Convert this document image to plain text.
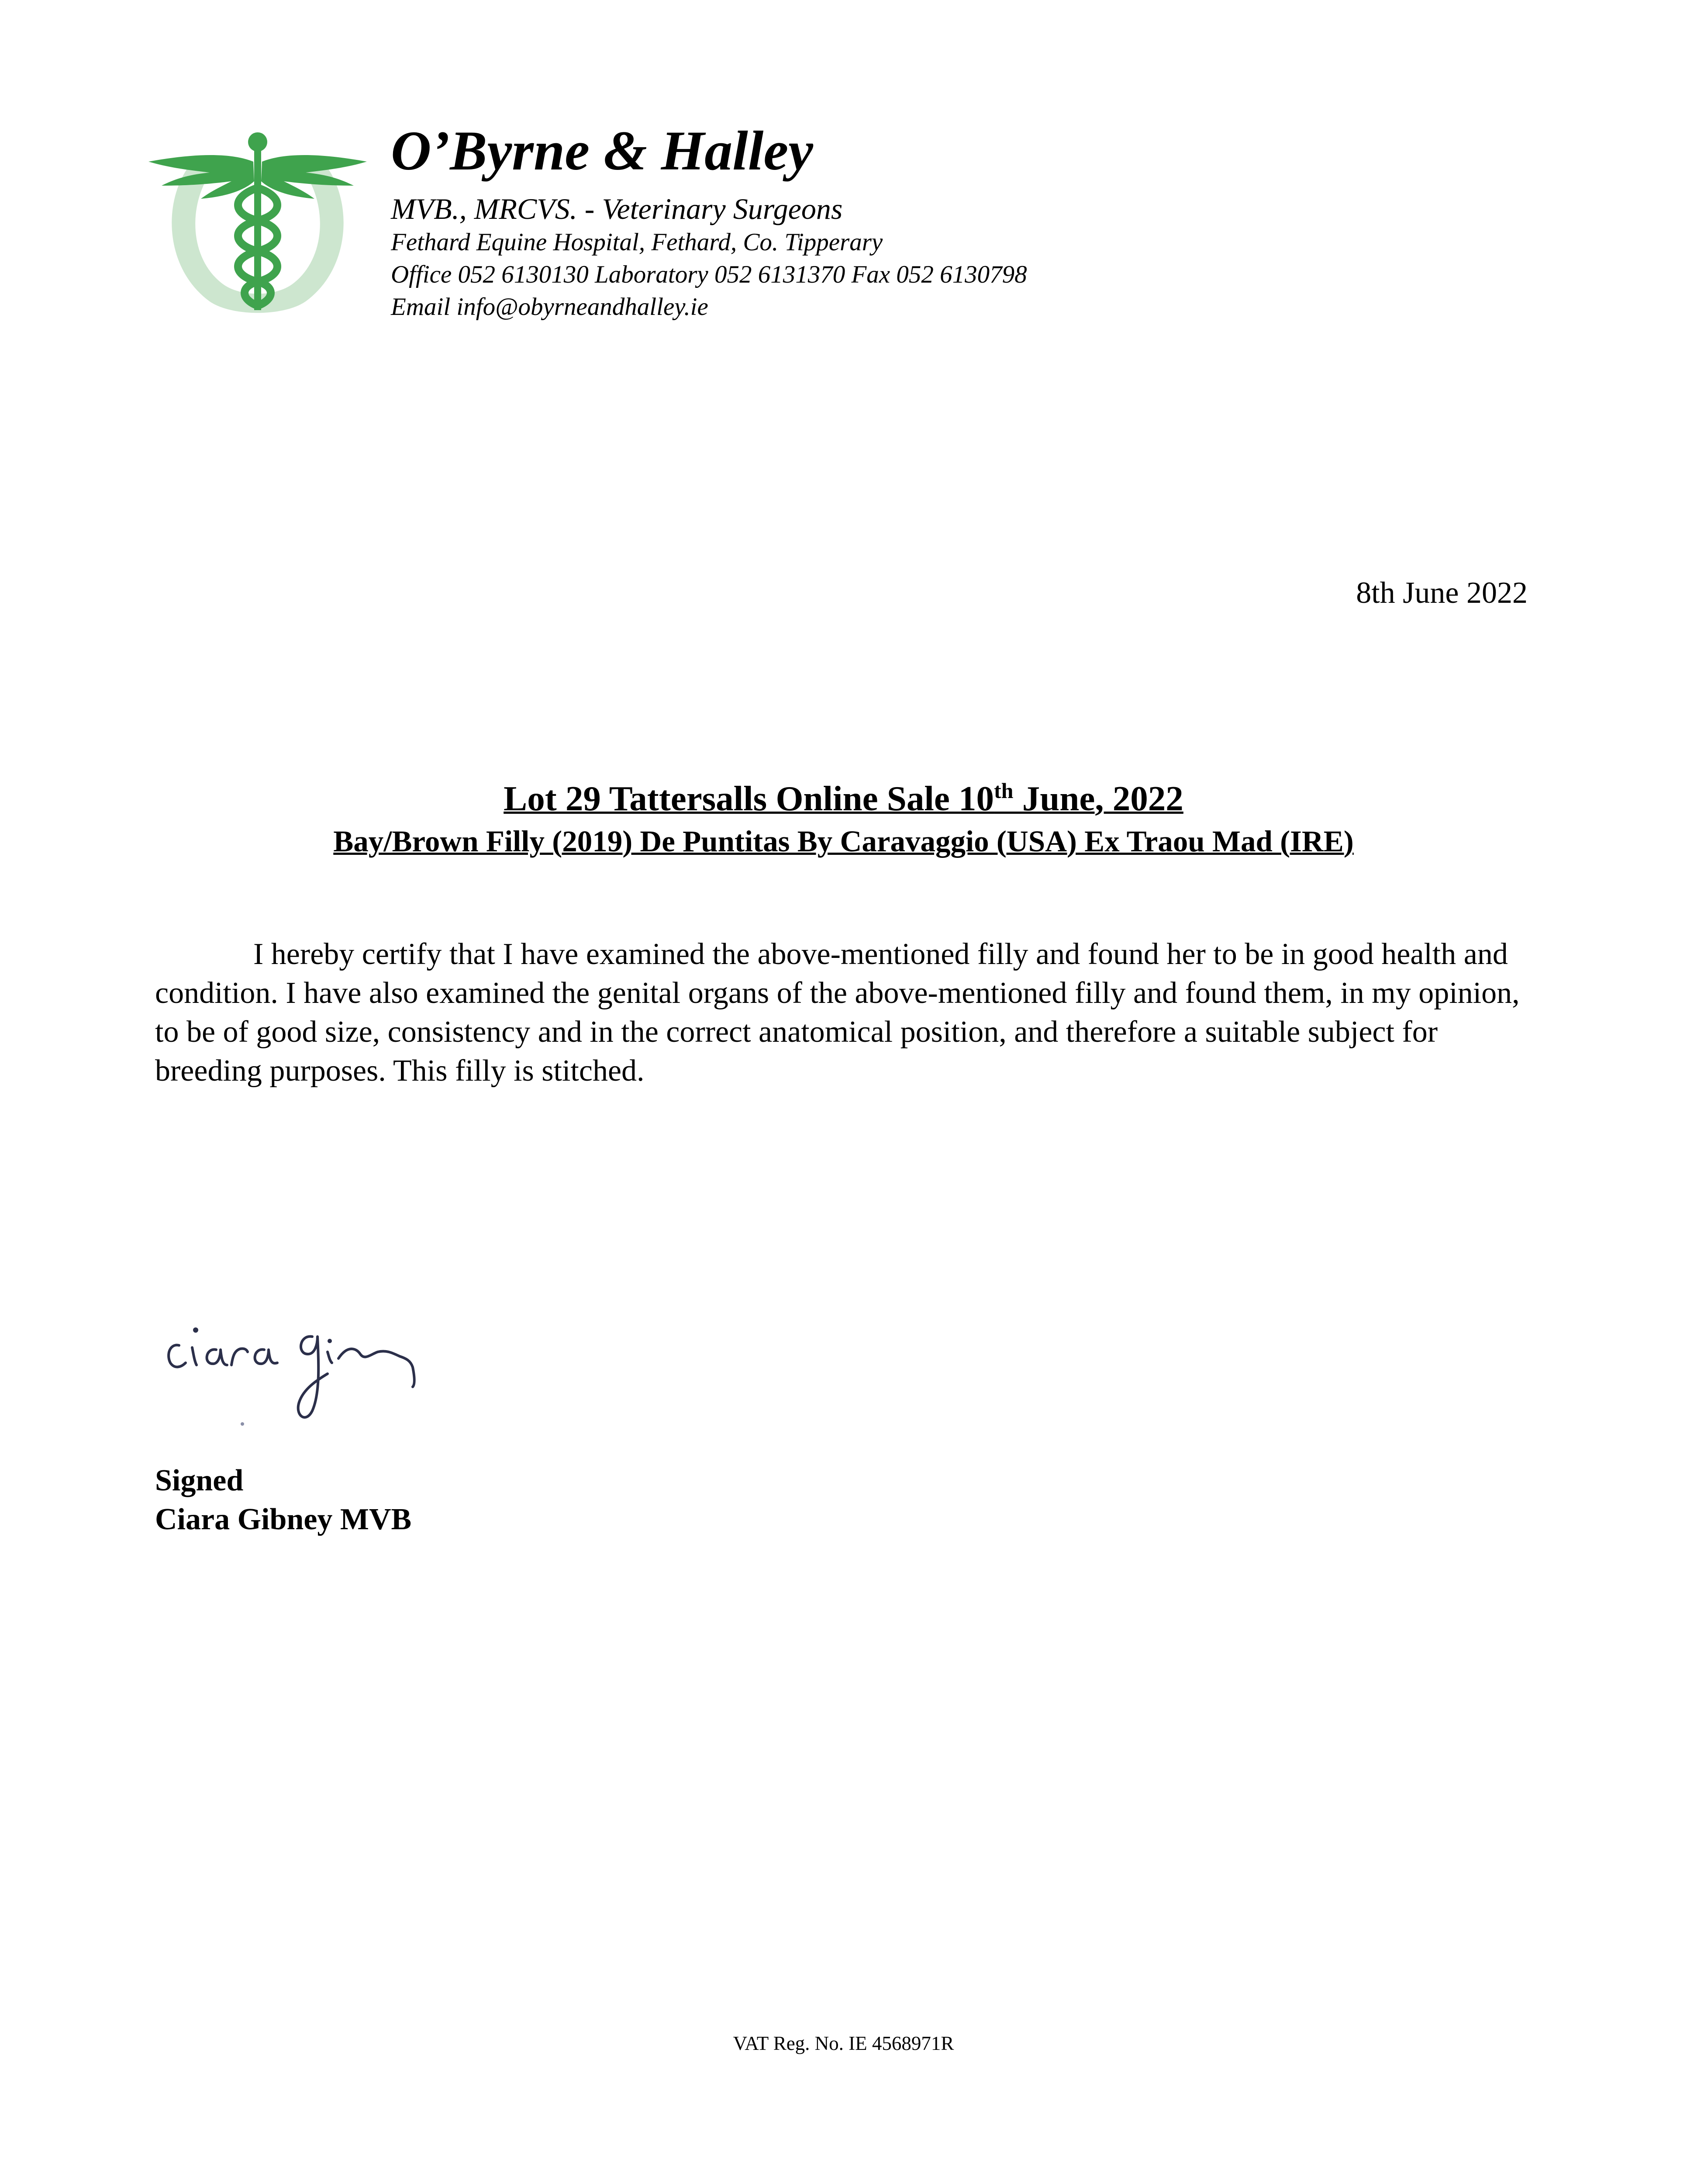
O’Byrne & Halley
MVB., MRCVS. - Veterinary Surgeons
Fethard Equine Hospital, Fethard, Co. Tipperary
Office 052 6130130 Laboratory 052 6131370 Fax 052 6130798
Email info@obyrneandhalley.ie
8th June 2022
Lot 29 Tattersalls Online Sale 10th June, 2022
Bay/Brown Filly (2019) De Puntitas By Caravaggio (USA) Ex Traou Mad (IRE)

I hereby certify that I have examined the above-mentioned filly and found her to be in good health and condition. I have also examined the genital organs of the above-mentioned filly and found them, in my opinion, to be of good size, consistency and in the correct anatomical position, and therefore a suitable subject for breeding purposes. This filly is stitched.

Signed
Ciara Gibney MVB
VAT Reg. No. IE 4568971R
